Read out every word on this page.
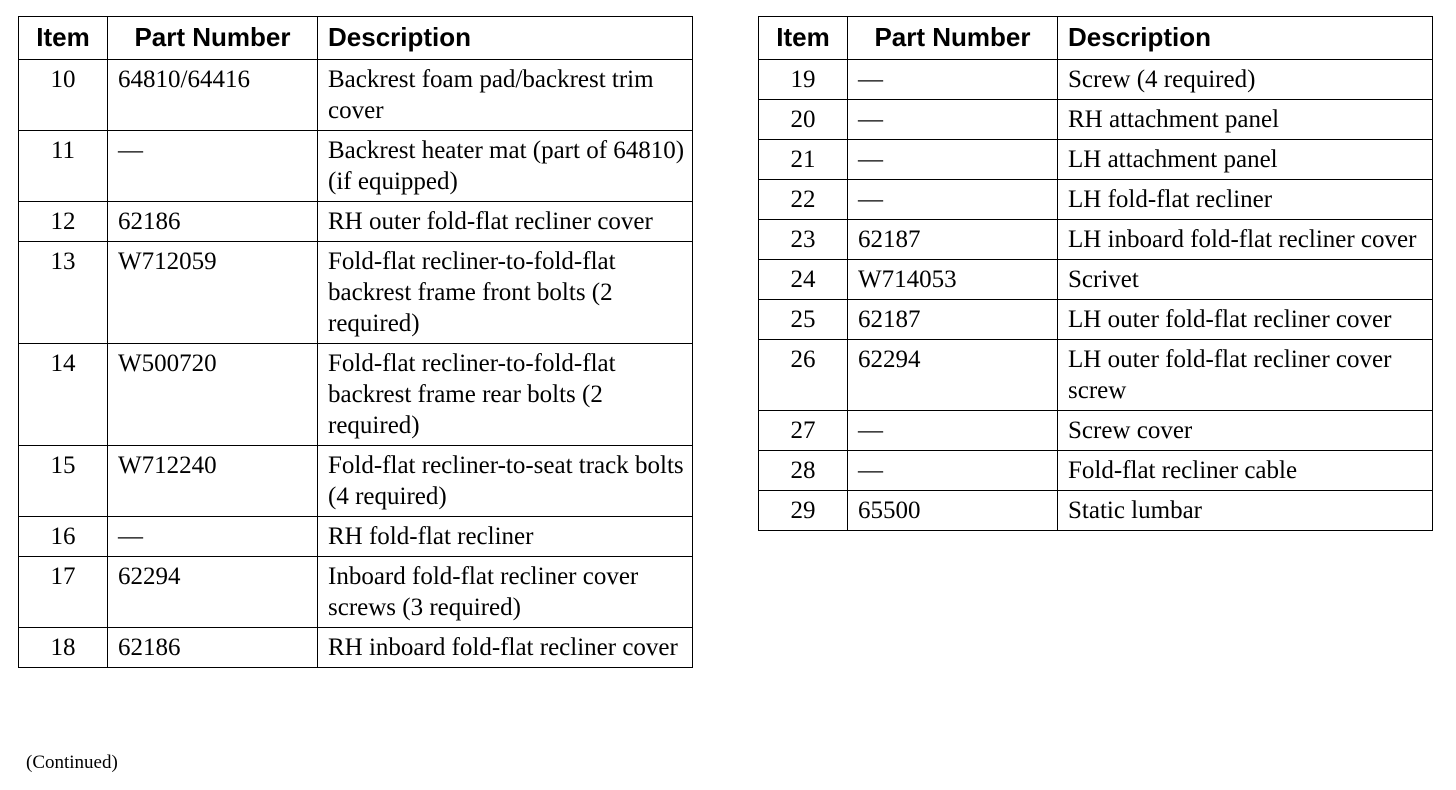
Item	Part Number	Description
10	64810/64416	Backrest foam pad/backrest trim cover
11	—	Backrest heater mat (part of 64810) (if equipped)
12	62186	RH outer fold-flat recliner cover
13	W712059	Fold-flat recliner-to-fold-flat backrest frame front bolts (2 required)
14	W500720	Fold-flat recliner-to-fold-flat backrest frame rear bolts (2 required)
15	W712240	Fold-flat recliner-to-seat track bolts (4 required)
16	—	RH fold-flat recliner
17	62294	Inboard fold-flat recliner cover screws (3 required)
18	62186	RH inboard fold-flat recliner cover
Item	Part Number	Description
19	—	Screw (4 required)
20	—	RH attachment panel
21	—	LH attachment panel
22	—	LH fold-flat recliner
23	62187	LH inboard fold-flat recliner cover
24	W714053	Scrivet
25	62187	LH outer fold-flat recliner cover
26	62294	LH outer fold-flat recliner cover screw
27	—	Screw cover
28	—	Fold-flat recliner cable
29	65500	Static lumbar
(Continued)
